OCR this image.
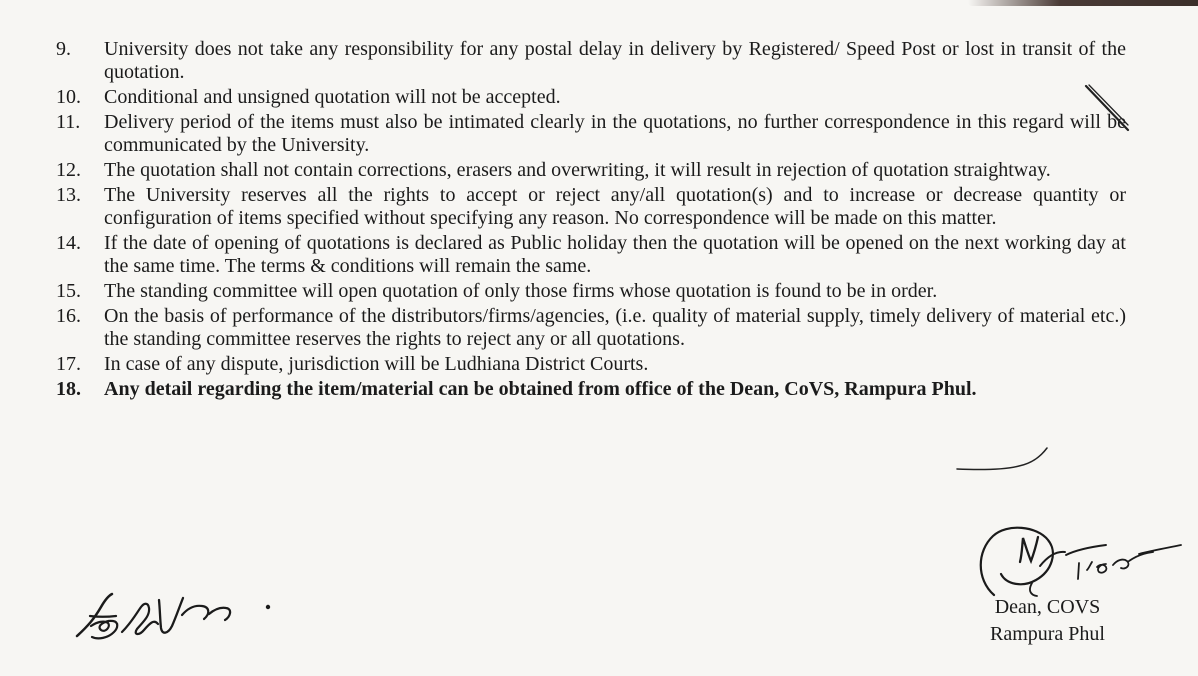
9.	University does not take any responsibility for any postal delay in delivery by Registered/ Speed Post or lost in transit of the quotation.
10.	Conditional and unsigned quotation will not be accepted.
11.	Delivery period of the items must also be intimated clearly in the quotations, no further correspondence in this regard will be communicated by the University.
12.	The quotation shall not contain corrections, erasers and overwriting, it will result in rejection of quotation straightway.
13.	The University reserves all the rights to accept or reject any/all quotation(s) and to increase or decrease quantity or configuration of items specified without specifying any reason. No correspondence will be made on this matter.
14.	If the date of opening of quotations is declared as Public holiday then the quotation will be opened on the next working day at the same time. The terms & conditions will remain the same.
15.	The standing committee will open quotation of only those firms whose quotation is found to be in order.
16.	On the basis of performance of the distributors/firms/agencies, (i.e. quality of material supply, timely delivery of material etc.) the standing committee reserves the rights to reject any or all quotations.
17.	In case of any dispute, jurisdiction will be Ludhiana District Courts.
18.	Any detail regarding the item/material can be obtained from office of the Dean, CoVS, Rampura Phul.
Dean, COVS
Rampura Phul
